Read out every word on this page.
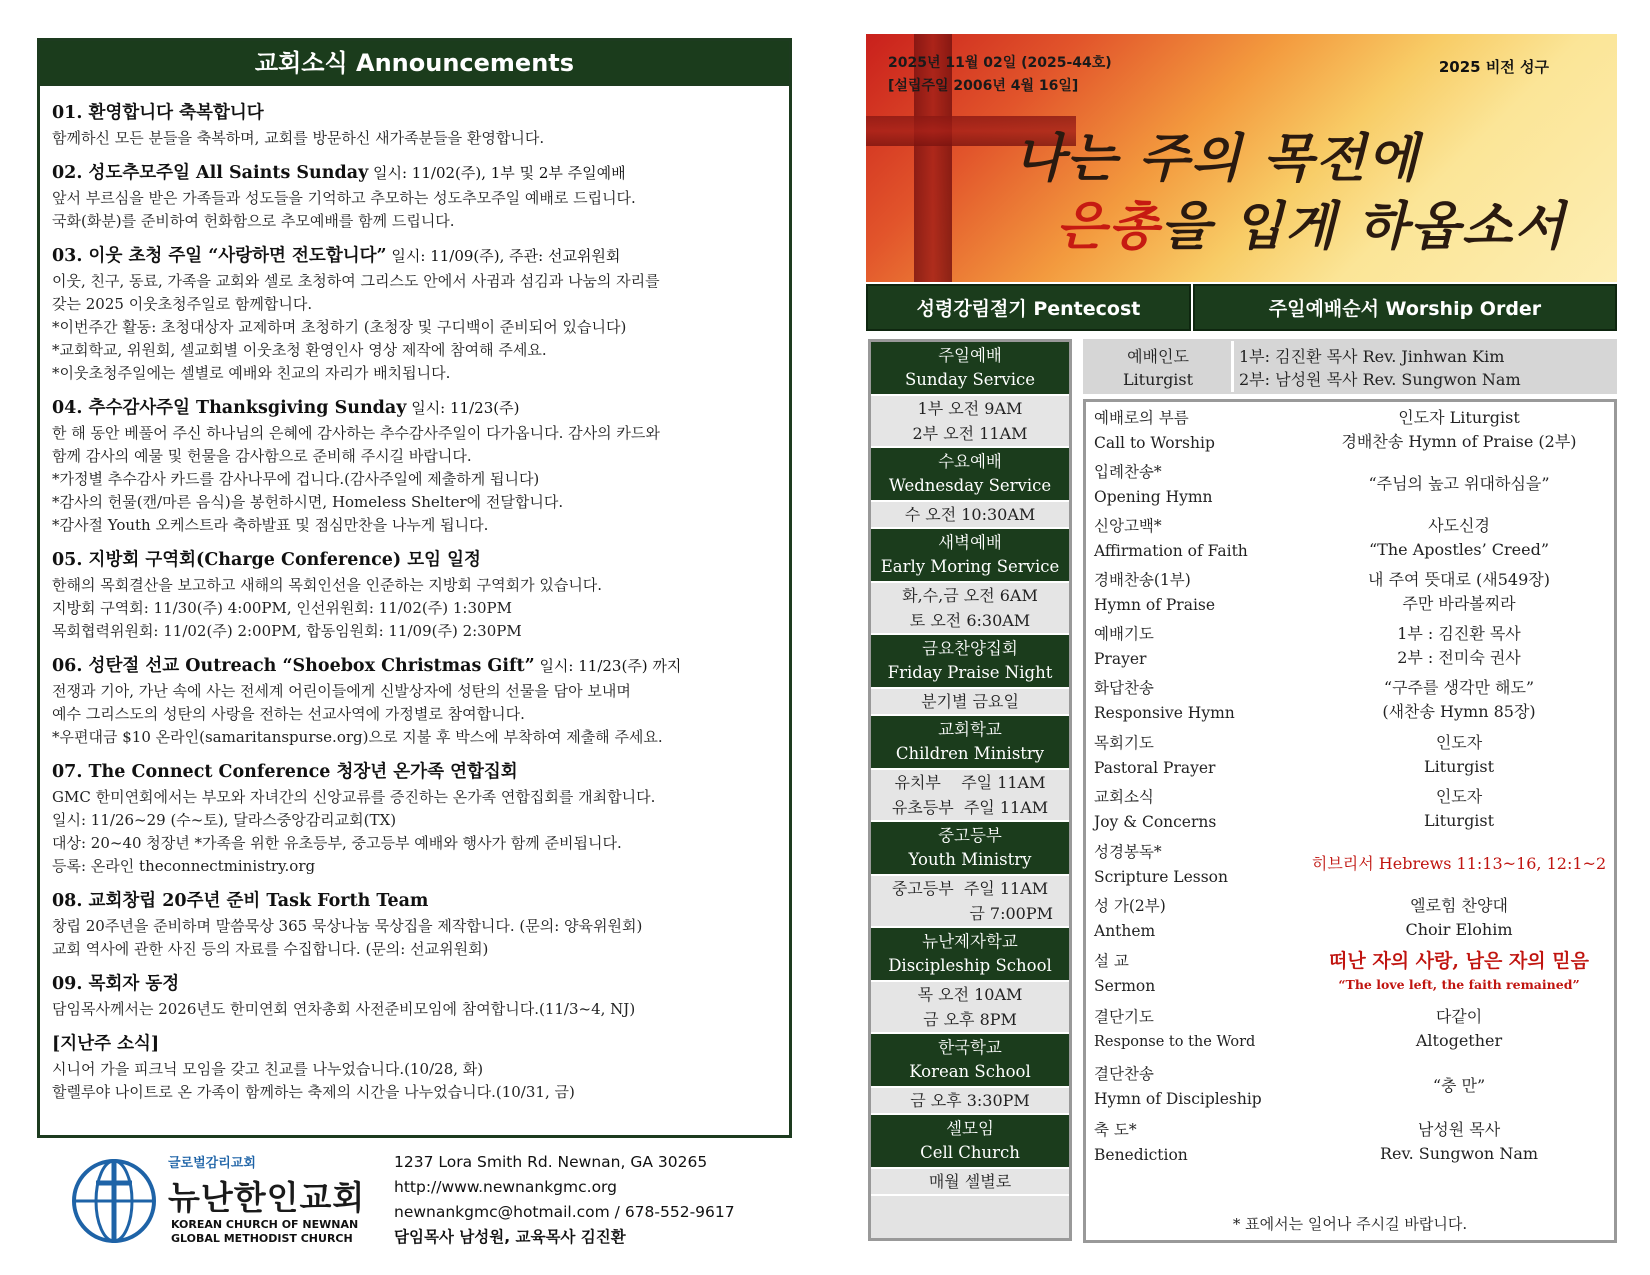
교회소식 Announcements
01. 환영합니다 축복합니다
함께하신 모든 분들을 축복하며, 교회를 방문하신 새가족분들을 환영합니다.
02. 성도추모주일 All Saints Sunday 일시: 11/02(주), 1부 및 2부 주일예배
앞서 부르심을 받은 가족들과 성도들을 기억하고 추모하는 성도추모주일 예배로 드립니다.
국화(화분)를 준비하여 헌화함으로 추모예배를 함께 드립니다.
03. 이웃 초청 주일 “사랑하면 전도합니다” 일시: 11/09(주), 주관: 선교위원회
이웃, 친구, 동료, 가족을 교회와 셀로 초청하여 그리스도 안에서 사귐과 섬김과 나눔의 자리를
갖는 2025 이웃초청주일로 함께합니다.
*이번주간 활동: 초청대상자 교제하며 초청하기 (초청장 및 구디백이 준비되어 있습니다)
*교회학교, 위원회, 셀교회별 이웃초청 환영인사 영상 제작에 참여해 주세요.
*이웃초청주일에는 셀별로 예배와 친교의 자리가 배치됩니다.
04. 추수감사주일 Thanksgiving Sunday 일시: 11/23(주)
한 해 동안 베풀어 주신 하나님의 은혜에 감사하는 추수감사주일이 다가옵니다. 감사의 카드와
함께 감사의 예물 및 헌물을 감사함으로 준비해 주시길 바랍니다.
*가정별 추수감사 카드를 감사나무에 겁니다.(감사주일에 제출하게 됩니다)
*감사의 헌물(캔/마른 음식)을 봉헌하시면, Homeless Shelter에 전달합니다.
*감사절 Youth 오케스트라 축하발표 및 점심만찬을 나누게 됩니다.
05. 지방회 구역회(Charge Conference) 모임 일정
한해의 목회결산을 보고하고 새해의 목회인선을 인준하는 지방회 구역회가 있습니다.
지방회 구역회: 11/30(주) 4:00PM, 인선위원회: 11/02(주) 1:30PM
목회협력위원회: 11/02(주) 2:00PM, 합동임원회: 11/09(주) 2:30PM
06. 성탄절 선교 Outreach “Shoebox Christmas Gift” 일시: 11/23(주) 까지
전쟁과 기아, 가난 속에 사는 전세계 어린이들에게 신발상자에 성탄의 선물을 담아 보내며
예수 그리스도의 성탄의 사랑을 전하는 선교사역에 가정별로 참여합니다.
*우편대금 $10 온라인(samaritanspurse.org)으로 지불 후 박스에 부착하여 제출해 주세요.
07. The Connect Conference 청장년 온가족 연합집회
GMC 한미연회에서는 부모와 자녀간의 신앙교류를 증진하는 온가족 연합집회를 개최합니다.
일시: 11/26~29 (수~토), 달라스중앙감리교회(TX)
대상: 20~40 청장년 *가족을 위한 유초등부, 중고등부 예배와 행사가 함께 준비됩니다.
등록: 온라인 theconnectministry.org
08. 교회창립 20주년 준비 Task Forth Team
창립 20주년을 준비하며 말씀묵상 365 묵상나눔 묵상집을 제작합니다. (문의: 양육위원회)
교회 역사에 관한 사진 등의 자료를 수집합니다. (문의: 선교위원회)
09. 목회자 동정
담임목사께서는 2026년도 한미연회 연차총회 사전준비모임에 참여합니다.(11/3~4, NJ)
[지난주 소식]
시니어 가을 피크닉 모임을 갖고 친교를 나누었습니다.(10/28, 화)
할렐루야 나이트로 온 가족이 함께하는 축제의 시간을 나누었습니다.(10/31, 금)
글로벌감리교회
뉴난한인교회
KOREAN CHURCH OF NEWNAN
GLOBAL METHODIST CHURCH
1237 Lora Smith Rd. Newnan, GA 30265
http://www.newnankgmc.org
newnankgmc@hotmail.com / 678-552-9617
담임목사 남성원, 교육목사 김진환
2025년 11월 02일 (2025-44호)
[설립주일 2006년 4월 16일]
2025 비전 성구
나는 주의 목전에
은총을 입게 하옵소서
성령강림절기 Pentecost	주일예배순서 Worship Order
주일예배
Sunday Service
1부 오전 9AM
2부 오전 11AM
수요예배
Wednesday Service
수 오전 10:30AM
새벽예배
Early Moring Service
화,수,금 오전 6AM
토 오전 6:30AM
금요찬양집회
Friday Praise Night
분기별 금요일
교회학교
Children Ministry
유치부    주일 11AM
유초등부  주일 11AM
중고등부
Youth Ministry
중고등부  주일 11AM
금 7:00PM
뉴난제자학교
Discipleship School
목 오전 10AM
금 오후 8PM
한국학교
Korean School
금 오후 3:30PM
셀모임
Cell Church
매월 셀별로
예배인도
Liturgist
1부: 김진환 목사 Rev. Jinhwan Kim
2부: 남성원 목사 Rev. Sungwon Nam
예배로의 부름
Call to Worship
인도자 Liturgist
경배찬송 Hymn of Praise (2부)
입례찬송*
Opening Hymn
“주님의 높고 위대하심을”
신앙고백*
Affirmation of Faith
사도신경
“The Apostles’ Creed”
경배찬송(1부)
Hymn of Praise
내 주여 뜻대로 (새549장)
주만 바라볼찌라
예배기도
Prayer
1부 : 김진환 목사
2부 : 전미숙 권사
화답찬송
Responsive Hymn
“구주를 생각만 해도”
(새찬송 Hymn 85장)
목회기도
Pastoral Prayer
인도자
Liturgist
교회소식
Joy & Concerns
인도자
Liturgist
성경봉독*
Scripture Lesson
히브리서 Hebrews 11:13~16, 12:1~2
성 가(2부)
Anthem
엘로힘 찬양대
Choir Elohim
설 교
Sermon
떠난 자의 사랑, 남은 자의 믿음
“The love left, the faith remained”
결단기도
Response to the Word
다같이
Altogether
결단찬송
Hymn of Discipleship
“충 만”
축 도*
Benediction
남성원 목사
Rev. Sungwon Nam
* 표에서는 일어나 주시길 바랍니다.
